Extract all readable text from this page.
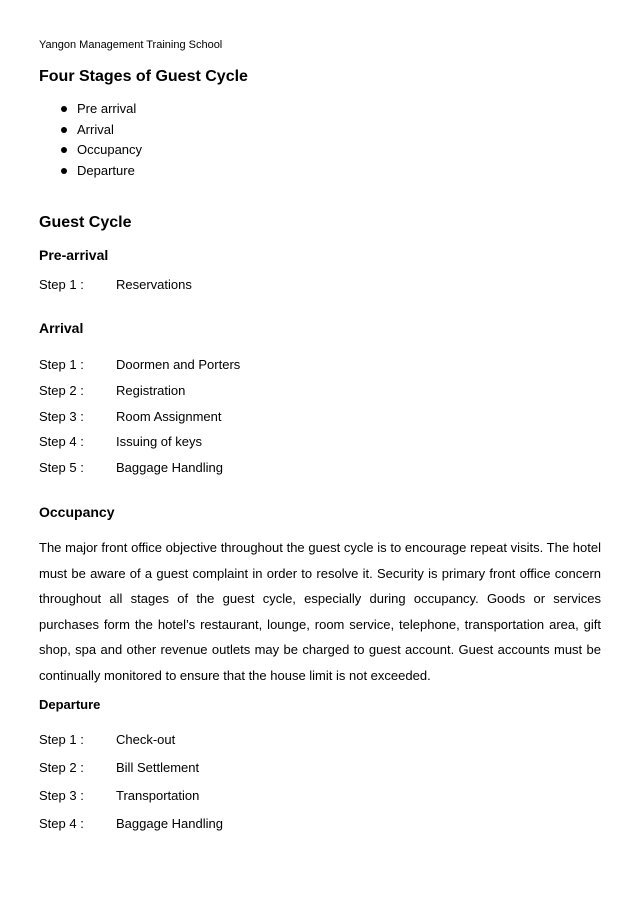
Yangon Management Training School
Four Stages of Guest Cycle
Pre arrival
Arrival
Occupancy
Departure
Guest Cycle
Pre-arrival
Step 1 : Reservations
Arrival
Step 1 : Doormen and Porters
Step 2 : Registration
Step 3 : Room Assignment
Step 4 : Issuing of keys
Step 5 : Baggage Handling
Occupancy

The major front office objective throughout the guest cycle is to encourage repeat visits. The hotel must be aware of a guest complaint in order to resolve it. Security is primary front office concern throughout all stages of the guest cycle, especially during occupancy. Goods or services purchases form the hotel’s restaurant, lounge, room service, telephone, transportation area, gift shop, spa and other revenue outlets may be charged to guest account. Guest accounts must be continually monitored to ensure that the house limit is not exceeded.

Departure
Step 1 : Check-out
Step 2 : Bill Settlement
Step 3 : Transportation
Step 4 : Baggage Handling
